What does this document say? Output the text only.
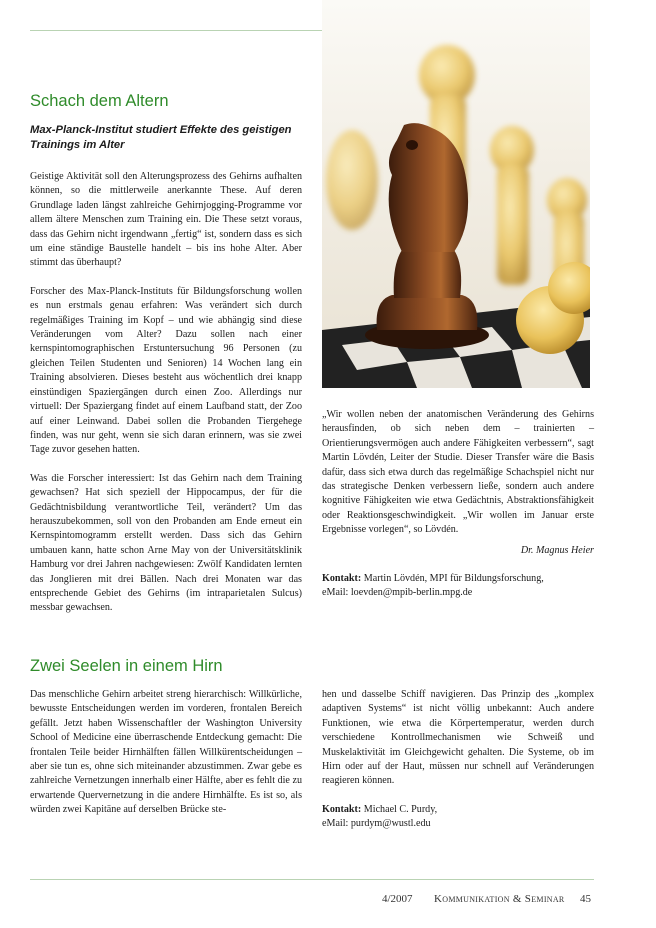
Schach dem Altern
Max-Planck-Institut studiert Effekte des geistigen Trainings im Alter

Geistige Aktivität soll den Alterungsprozess des Gehirns aufhalten können, so die mittlerweile anerkannte These. Auf deren Grundlage laden längst zahlreiche Gehirnjogging-Programme vor allem ältere Menschen zum Training ein. Die These setzt voraus, dass das Gehirn nicht irgendwann „fertig“ ist, sondern dass es sich um eine ständige Baustelle handelt – bis ins hohe Alter. Aber stimmt das überhaupt?

Forscher des Max-Planck-Instituts für Bildungsforschung wollen es nun erstmals genau erfahren: Was verändert sich durch regelmäßiges Training im Kopf – und wie abhängig sind diese Veränderungen vom Alter? Dazu sollen nach einer kernspintomographischen Erstuntersuchung 96 Personen (zu gleichen Teilen Studenten und Senioren) 14 Wochen lang ein Training absolvieren. Dieses besteht aus wöchentlich drei knapp einstündigen Spaziergängen durch einen Zoo. Allerdings nur virtuell: Der Spaziergang findet auf einem Laufband statt, der Zoo auf einer Leinwand. Dabei sollen die Probanden Tiergehege finden, was nur geht, wenn sie sich daran erinnern, was sie zwei Tage zuvor gesehen hatten.

Was die Forscher interessiert: Ist das Gehirn nach dem Training gewachsen? Hat sich speziell der Hippocampus, der für die Gedächtnisbildung verantwortliche Teil, verändert? Um das herauszubekommen, soll von den Probanden am Ende erneut ein Kernspintomogramm erstellt werden. Dass sich das Gehirn umbauen kann, hatte schon Arne May von der Universitätsklinik Hamburg vor drei Jahren nachgewiesen: Zwölf Kandidaten lernten das Jonglieren mit drei Bällen. Nach drei Monaten war das entsprechende Gebiet des Gehirns (im intraparietalen Sulcus) messbar gewachsen.

„Wir wollen neben der anatomischen Veränderung des Gehirns herausfinden, ob sich neben dem – trainierten – Orientierungsvermögen auch andere Fähigkeiten verbessern“, sagt Martin Lövdén, Leiter der Studie. Dieser Transfer wäre die Basis dafür, dass sich etwa durch das regelmäßige Schachspiel nicht nur das strategische Denken verbessern ließe, sondern auch andere kognitive Fähigkeiten wie etwa Gedächtnis, Abstraktionsfähigkeit oder Reaktionsgeschwindigkeit. „Wir wollen im Januar erste Ergebnisse vorlegen“, so Lövdén.

Dr. Magnus Heier

Kontakt: Martin Lövdén, MPI für Bildungsforschung,
eMail: loevden@mpib-berlin.mpg.de

Zwei Seelen in einem Hirn

Das menschliche Gehirn arbeitet streng hierarchisch: Willkürliche, bewusste Entscheidungen werden im vorderen, frontalen Bereich gefällt. Jetzt haben Wissenschaftler der Washington University School of Medicine eine überraschende Entdeckung gemacht: Die frontalen Teile beider Hirnhälften fällen Willkürentscheidungen – aber sie tun es, ohne sich miteinander abzustimmen. Zwar gebe es zahlreiche Vernetzungen innerhalb einer Hälfte, aber es fehlt die zu erwartende Quervernetzung in die andere Hirnhälfte. Es ist so, als würden zwei Kapitäne auf derselben Brücke ste-

hen und dasselbe Schiff navigieren. Das Prinzip des „komplex adaptiven Systems“ ist nicht völlig unbekannt: Auch andere Funktionen, wie etwa die Körpertemperatur, werden durch verschiedene Kontrollmechanismen wie Schweiß und Muskelaktivität im Gleichgewicht gehalten. Die Systeme, ob im Hirn oder auf der Haut, müssen nur schnell auf Veränderungen reagieren können.

Kontakt: Michael C. Purdy,
eMail: purdym@wustl.edu

4/2007 Kommunikation & Seminar 45
